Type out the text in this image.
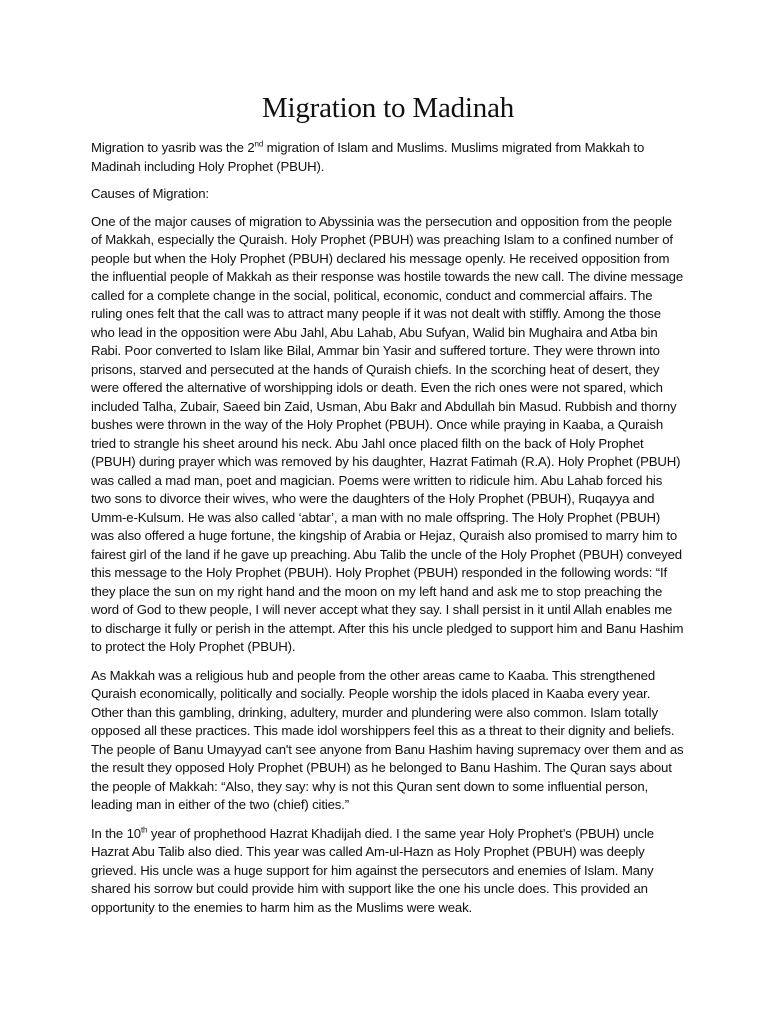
Migration to Madinah

Migration to yasrib was the 2nd migration of Islam and Muslims. Muslims migrated from Makkah to Madinah including Holy Prophet (PBUH).

Causes of Migration:

One of the major causes of migration to Abyssinia was the persecution and opposition from the people of Makkah, especially the Quraish. Holy Prophet (PBUH) was preaching Islam to a confined number of people but when the Holy Prophet (PBUH) declared his message openly. He received opposition from the influential people of Makkah as their response was hostile towards the new call. The divine message called for a complete change in the social, political, economic, conduct and commercial affairs. The ruling ones felt that the call was to attract many people if it was not dealt with stiffly. Among the those who lead in the opposition were Abu Jahl, Abu Lahab, Abu Sufyan, Walid bin Mughaira and Atba bin Rabi. Poor converted to Islam like Bilal, Ammar bin Yasir and suffered torture. They were thrown into prisons, starved and persecuted at the hands of Quraish chiefs. In the scorching heat of desert, they were offered the alternative of worshipping idols or death. Even the rich ones were not spared, which included Talha, Zubair, Saeed bin Zaid, Usman, Abu Bakr and Abdullah bin Masud. Rubbish and thorny bushes were thrown in the way of the Holy Prophet (PBUH). Once while praying in Kaaba, a Quraish tried to strangle his sheet around his neck. Abu Jahl once placed filth on the back of Holy Prophet (PBUH) during prayer which was removed by his daughter, Hazrat Fatimah (R.A). Holy Prophet (PBUH) was called a mad man, poet and magician. Poems were written to ridicule him. Abu Lahab forced his two sons to divorce their wives, who were the daughters of the Holy Prophet (PBUH), Ruqayya and Umm-e-Kulsum. He was also called ‘abtar’, a man with no male offspring. The Holy Prophet (PBUH) was also offered a huge fortune, the kingship of Arabia or Hejaz, Quraish also promised to marry him to fairest girl of the land if he gave up preaching. Abu Talib the uncle of the Holy Prophet (PBUH) conveyed this message to the Holy Prophet (PBUH). Holy Prophet (PBUH) responded in the following words: “If they place the sun on my right hand and the moon on my left hand and ask me to stop preaching the word of God to thew people, I will never accept what they say. I shall persist in it until Allah enables me to discharge it fully or perish in the attempt. After this his uncle pledged to support him and Banu Hashim to protect the Holy Prophet (PBUH).

As Makkah was a religious hub and people from the other areas came to Kaaba. This strengthened Quraish economically, politically and socially. People worship the idols placed in Kaaba every year. Other than this gambling, drinking, adultery, murder and plundering were also common. Islam totally opposed all these practices. This made idol worshippers feel this as a threat to their dignity and beliefs. The people of Banu Umayyad can't see anyone from Banu Hashim having supremacy over them and as the result they opposed Holy Prophet (PBUH) as he belonged to Banu Hashim. The Quran says about the people of Makkah: “Also, they say: why is not this Quran sent down to some influential person, leading man in either of the two (chief) cities.”

In the 10th year of prophethood Hazrat Khadijah died. I the same year Holy Prophet’s (PBUH) uncle Hazrat Abu Talib also died. This year was called Am-ul-Hazn as Holy Prophet (PBUH) was deeply grieved. His uncle was a huge support for him against the persecutors and enemies of Islam. Many shared his sorrow but could provide him with support like the one his uncle does. This provided an opportunity to the enemies to harm him as the Muslims were weak.
